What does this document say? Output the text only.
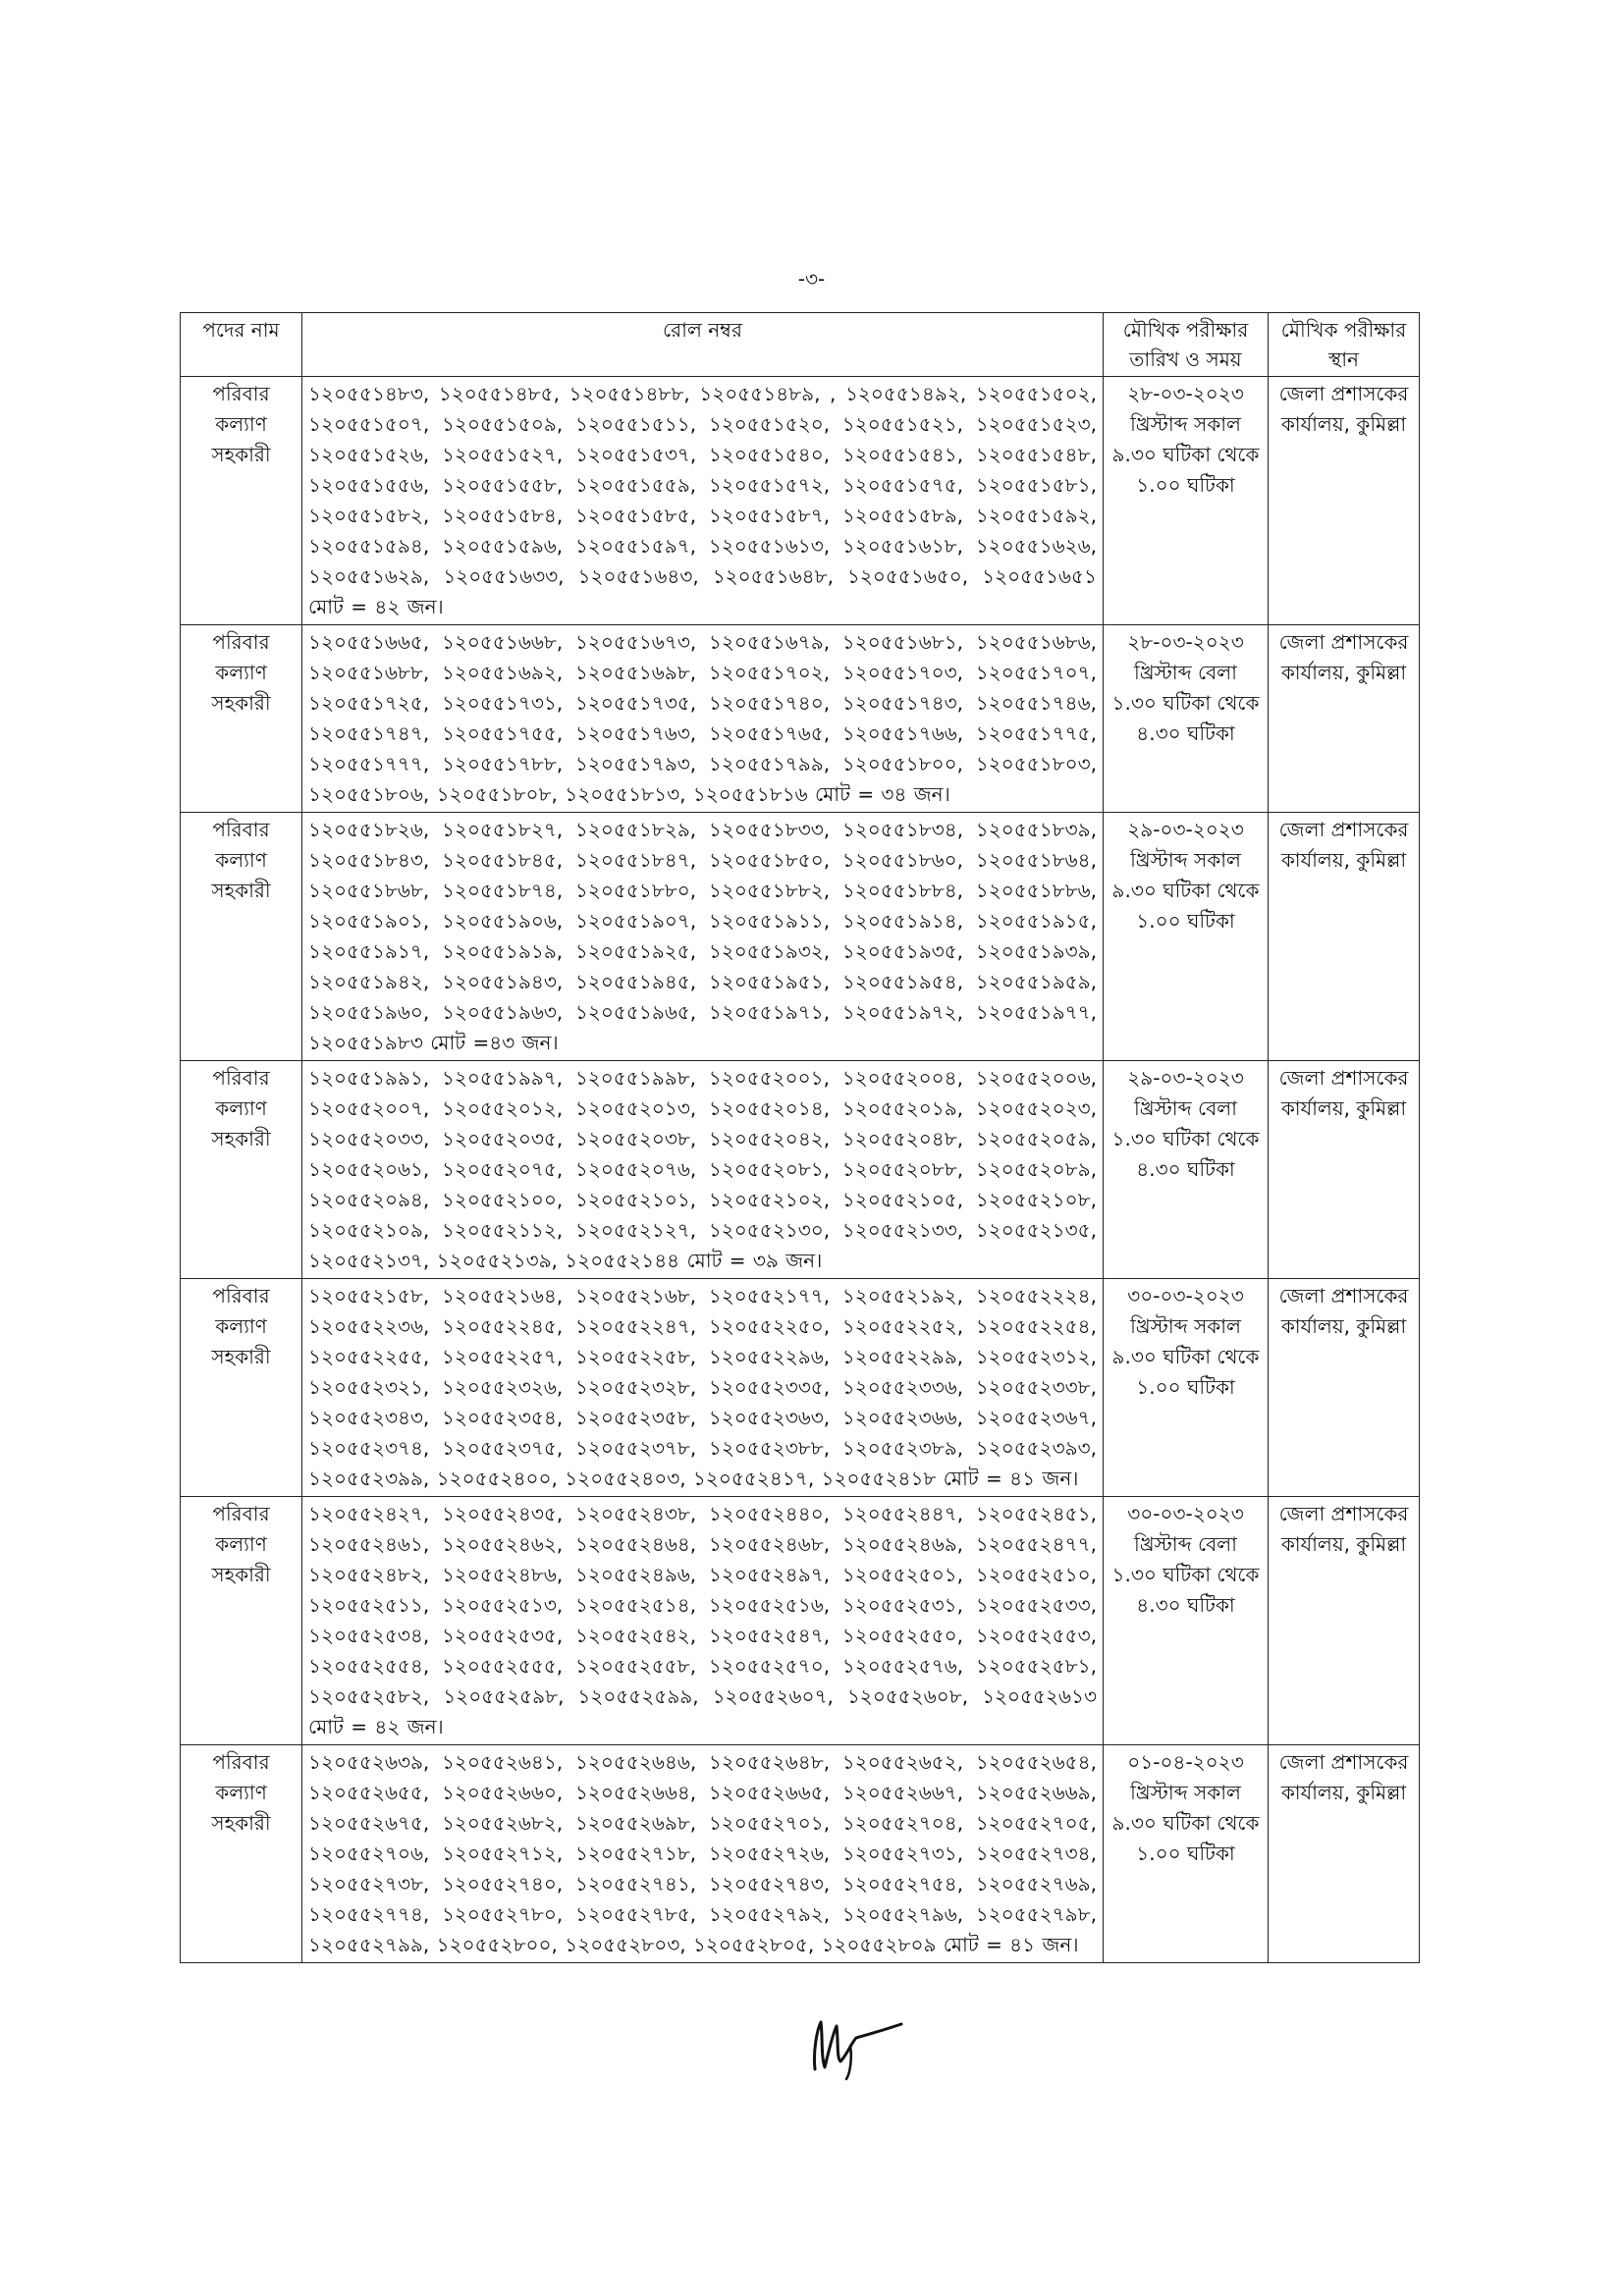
-৩-
পদের নাম	রোল নম্বর	মৌখিক পরীক্ষার তারিখ ও সময়	মৌখিক পরীক্ষার স্থান
পরিবার কল্যাণ সহকারী	১২০৫৫১৪৮৩, ১২০৫৫১৪৮৫, ১২০৫৫১৪৮৮, ১২০৫৫১৪৮৯, , ১২০৫৫১৪৯২, ১২০৫৫১৫০২, ১২০৫৫১৫০৭, ১২০৫৫১৫০৯, ১২০৫৫১৫১১, ১২০৫৫১৫২০, ১২০৫৫১৫২১, ১২০৫৫১৫২৩, ১২০৫৫১৫২৬, ১২০৫৫১৫২৭, ১২০৫৫১৫৩৭, ১২০৫৫১৫৪০, ১২০৫৫১৫৪১, ১২০৫৫১৫৪৮, ১২০৫৫১৫৫৬, ১২০৫৫১৫৫৮, ১২০৫৫১৫৫৯, ১২০৫৫১৫৭২, ১২০৫৫১৫৭৫, ১২০৫৫১৫৮১, ১২০৫৫১৫৮২, ১২০৫৫১৫৮৪, ১২০৫৫১৫৮৫, ১২০৫৫১৫৮৭, ১২০৫৫১৫৮৯, ১২০৫৫১৫৯২, ১২০৫৫১৫৯৪, ১২০৫৫১৫৯৬, ১২০৫৫১৫৯৭, ১২০৫৫১৬১৩, ১২০৫৫১৬১৮, ১২০৫৫১৬২৬, ১২০৫৫১৬২৯, ১২০৫৫১৬৩৩, ১২০৫৫১৬৪৩, ১২০৫৫১৬৪৮, ১২০৫৫১৬৫০, ১২০৫৫১৬৫১ মোট = ৪২ জন।	২৮-০৩-২০২৩ খ্রিস্টাব্দ সকাল ৯.৩০ ঘটিকা থেকে ১.০০ ঘটিকা	জেলা প্রশাসকের কার্যালয়, কুমিল্লা
পরিবার কল্যাণ সহকারী	১২০৫৫১৬৬৫, ১২০৫৫১৬৬৮, ১২০৫৫১৬৭৩, ১২০৫৫১৬৭৯, ১২০৫৫১৬৮১, ১২০৫৫১৬৮৬, ১২০৫৫১৬৮৮, ১২০৫৫১৬৯২, ১২০৫৫১৬৯৮, ১২০৫৫১৭০২, ১২০৫৫১৭০৩, ১২০৫৫১৭০৭, ১২০৫৫১৭২৫, ১২০৫৫১৭৩১, ১২০৫৫১৭৩৫, ১২০৫৫১৭৪০, ১২০৫৫১৭৪৩, ১২০৫৫১৭৪৬, ১২০৫৫১৭৪৭, ১২০৫৫১৭৫৫, ১২০৫৫১৭৬৩, ১২০৫৫১৭৬৫, ১২০৫৫১৭৬৬, ১২০৫৫১৭৭৫, ১২০৫৫১৭৭৭, ১২০৫৫১৭৮৮, ১২০৫৫১৭৯৩, ১২০৫৫১৭৯৯, ১২০৫৫১৮০০, ১২০৫৫১৮০৩, ১২০৫৫১৮০৬, ১২০৫৫১৮০৮, ১২০৫৫১৮১৩, ১২০৫৫১৮১৬ মোট = ৩৪ জন।	২৮-০৩-২০২৩ খ্রিস্টাব্দ বেলা ১.৩০ ঘটিকা থেকে ৪.৩০ ঘটিকা	জেলা প্রশাসকের কার্যালয়, কুমিল্লা
পরিবার কল্যাণ সহকারী	১২০৫৫১৮২৬, ১২০৫৫১৮২৭, ১২০৫৫১৮২৯, ১২০৫৫১৮৩৩, ১২০৫৫১৮৩৪, ১২০৫৫১৮৩৯, ১২০৫৫১৮৪৩, ১২০৫৫১৮৪৫, ১২০৫৫১৮৪৭, ১২০৫৫১৮৫০, ১২০৫৫১৮৬০, ১২০৫৫১৮৬৪, ১২০৫৫১৮৬৮, ১২০৫৫১৮৭৪, ১২০৫৫১৮৮০, ১২০৫৫১৮৮২, ১২০৫৫১৮৮৪, ১২০৫৫১৮৮৬, ১২০৫৫১৯০১, ১২০৫৫১৯০৬, ১২০৫৫১৯০৭, ১২০৫৫১৯১১, ১২০৫৫১৯১৪, ১২০৫৫১৯১৫, ১২০৫৫১৯১৭, ১২০৫৫১৯১৯, ১২০৫৫১৯২৫, ১২০৫৫১৯৩২, ১২০৫৫১৯৩৫, ১২০৫৫১৯৩৯, ১২০৫৫১৯৪২, ১২০৫৫১৯৪৩, ১২০৫৫১৯৪৫, ১২০৫৫১৯৫১, ১২০৫৫১৯৫৪, ১২০৫৫১৯৫৯, ১২০৫৫১৯৬০, ১২০৫৫১৯৬৩, ১২০৫৫১৯৬৫, ১২০৫৫১৯৭১, ১২০৫৫১৯৭২, ১২০৫৫১৯৭৭, ১২০৫৫১৯৮৩ মোট =৪৩ জন।	২৯-০৩-২০২৩ খ্রিস্টাব্দ সকাল ৯.৩০ ঘটিকা থেকে ১.০০ ঘটিকা	জেলা প্রশাসকের কার্যালয়, কুমিল্লা
পরিবার কল্যাণ সহকারী	১২০৫৫১৯৯১, ১২০৫৫১৯৯৭, ১২০৫৫১৯৯৮, ১২০৫৫২০০১, ১২০৫৫২০০৪, ১২০৫৫২০০৬, ১২০৫৫২০০৭, ১২০৫৫২০১২, ১২০৫৫২০১৩, ১২০৫৫২০১৪, ১২০৫৫২০১৯, ১২০৫৫২০২৩, ১২০৫৫২০৩৩, ১২০৫৫২০৩৫, ১২০৫৫২০৩৮, ১২০৫৫২০৪২, ১২০৫৫২০৪৮, ১২০৫৫২০৫৯, ১২০৫৫২০৬১, ১২০৫৫২০৭৫, ১২০৫৫২০৭৬, ১২০৫৫২০৮১, ১২০৫৫২০৮৮, ১২০৫৫২০৮৯, ১২০৫৫২০৯৪, ১২০৫৫২১০০, ১২০৫৫২১০১, ১২০৫৫২১০২, ১২০৫৫২১০৫, ১২০৫৫২১০৮, ১২০৫৫২১০৯, ১২০৫৫২১১২, ১২০৫৫২১২৭, ১২০৫৫২১৩০, ১২০৫৫২১৩৩, ১২০৫৫২১৩৫, ১২০৫৫২১৩৭, ১২০৫৫২১৩৯, ১২০৫৫২১৪৪ মোট = ৩৯ জন।	২৯-০৩-২০২৩ খ্রিস্টাব্দ বেলা ১.৩০ ঘটিকা থেকে ৪.৩০ ঘটিকা	জেলা প্রশাসকের কার্যালয়, কুমিল্লা
পরিবার কল্যাণ সহকারী	১২০৫৫২১৫৮, ১২০৫৫২১৬৪, ১২০৫৫২১৬৮, ১২০৫৫২১৭৭, ১২০৫৫২১৯২, ১২০৫৫২২২৪, ১২০৫৫২২৩৬, ১২০৫৫২২৪৫, ১২০৫৫২২৪৭, ১২০৫৫২২৫০, ১২০৫৫২২৫২, ১২০৫৫২২৫৪, ১২০৫৫২২৫৫, ১২০৫৫২২৫৭, ১২০৫৫২২৫৮, ১২০৫৫২২৯৬, ১২০৫৫২২৯৯, ১২০৫৫২৩১২, ১২০৫৫২৩২১, ১২০৫৫২৩২৬, ১২০৫৫২৩২৮, ১২০৫৫২৩৩৫, ১২০৫৫২৩৩৬, ১২০৫৫২৩৩৮, ১২০৫৫২৩৪৩, ১২০৫৫২৩৫৪, ১২০৫৫২৩৫৮, ১২০৫৫২৩৬৩, ১২০৫৫২৩৬৬, ১২০৫৫২৩৬৭, ১২০৫৫২৩৭৪, ১২০৫৫২৩৭৫, ১২০৫৫২৩৭৮, ১২০৫৫২৩৮৮, ১২০৫৫২৩৮৯, ১২০৫৫২৩৯৩, ১২০৫৫২৩৯৯, ১২০৫৫২৪০০, ১২০৫৫২৪০৩, ১২০৫৫২৪১৭, ১২০৫৫২৪১৮ মোট = ৪১ জন।	৩০-০৩-২০২৩ খ্রিস্টাব্দ সকাল ৯.৩০ ঘটিকা থেকে ১.০০ ঘটিকা	জেলা প্রশাসকের কার্যালয়, কুমিল্লা
পরিবার কল্যাণ সহকারী	১২০৫৫২৪২৭, ১২০৫৫২৪৩৫, ১২০৫৫২৪৩৮, ১২০৫৫২৪৪০, ১২০৫৫২৪৪৭, ১২০৫৫২৪৫১, ১২০৫৫২৪৬১, ১২০৫৫২৪৬২, ১২০৫৫২৪৬৪, ১২০৫৫২৪৬৮, ১২০৫৫২৪৬৯, ১২০৫৫২৪৭৭, ১২০৫৫২৪৮২, ১২০৫৫২৪৮৬, ১২০৫৫২৪৯৬, ১২০৫৫২৪৯৭, ১২০৫৫২৫০১, ১২০৫৫২৫১০, ১২০৫৫২৫১১, ১২০৫৫২৫১৩, ১২০৫৫২৫১৪, ১২০৫৫২৫১৬, ১২০৫৫২৫৩১, ১২০৫৫২৫৩৩, ১২০৫৫২৫৩৪, ১২০৫৫২৫৩৫, ১২০৫৫২৫৪২, ১২০৫৫২৫৪৭, ১২০৫৫২৫৫০, ১২০৫৫২৫৫৩, ১২০৫৫২৫৫৪, ১২০৫৫২৫৫৫, ১২০৫৫২৫৫৮, ১২০৫৫২৫৭০, ১২০৫৫২৫৭৬, ১২০৫৫২৫৮১, ১২০৫৫২৫৮২, ১২০৫৫২৫৯৮, ১২০৫৫২৫৯৯, ১২০৫৫২৬০৭, ১২০৫৫২৬০৮, ১২০৫৫২৬১৩ মোট = ৪২ জন।	৩০-০৩-২০২৩ খ্রিস্টাব্দ বেলা ১.৩০ ঘটিকা থেকে ৪.৩০ ঘটিকা	জেলা প্রশাসকের কার্যালয়, কুমিল্লা
পরিবার কল্যাণ সহকারী	১২০৫৫২৬৩৯, ১২০৫৫২৬৪১, ১২০৫৫২৬৪৬, ১২০৫৫২৬৪৮, ১২০৫৫২৬৫২, ১২০৫৫২৬৫৪, ১২০৫৫২৬৫৫, ১২০৫৫২৬৬০, ১২০৫৫২৬৬৪, ১২০৫৫২৬৬৫, ১২০৫৫২৬৬৭, ১২০৫৫২৬৬৯, ১২০৫৫২৬৭৫, ১২০৫৫২৬৮২, ১২০৫৫২৬৯৮, ১২০৫৫২৭০১, ১২০৫৫২৭০৪, ১২০৫৫২৭০৫, ১২০৫৫২৭০৬, ১২০৫৫২৭১২, ১২০৫৫২৭১৮, ১২০৫৫২৭২৬, ১২০৫৫২৭৩১, ১২০৫৫২৭৩৪, ১২০৫৫২৭৩৮, ১২০৫৫২৭৪০, ১২০৫৫২৭৪১, ১২০৫৫২৭৪৩, ১২০৫৫২৭৫৪, ১২০৫৫২৭৬৯, ১২০৫৫২৭৭৪, ১২০৫৫২৭৮০, ১২০৫৫২৭৮৫, ১২০৫৫২৭৯২, ১২০৫৫২৭৯৬, ১২০৫৫২৭৯৮, ১২০৫৫২৭৯৯, ১২০৫৫২৮০০, ১২০৫৫২৮০৩, ১২০৫৫২৮০৫, ১২০৫৫২৮০৯ মোট = ৪১ জন।	০১-০৪-২০২৩ খ্রিস্টাব্দ সকাল ৯.৩০ ঘটিকা থেকে ১.০০ ঘটিকা	জেলা প্রশাসকের কার্যালয়, কুমিল্লা
